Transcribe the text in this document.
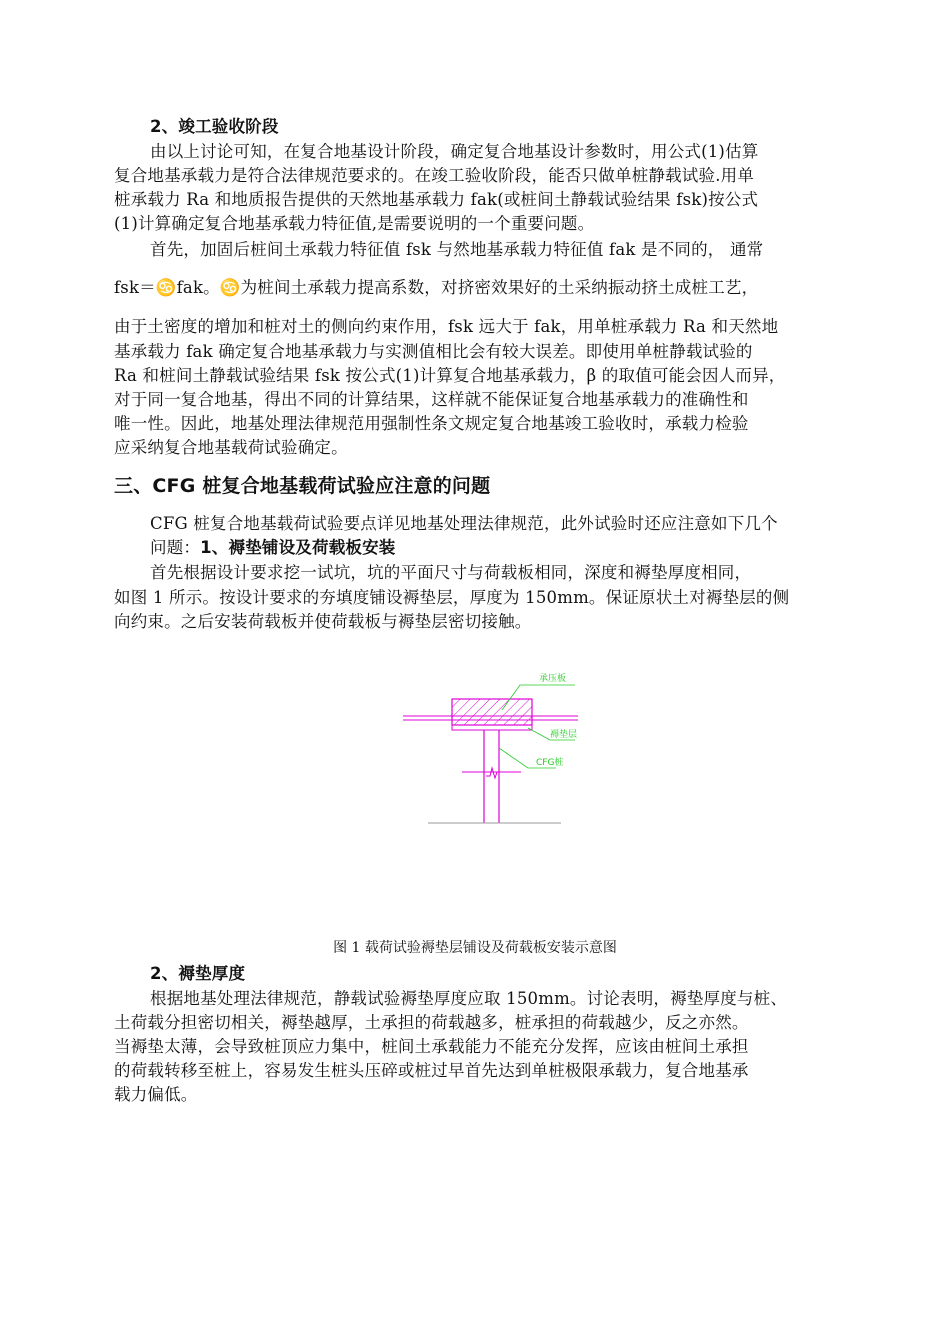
2、竣工验收阶段
由以上讨论可知，在复合地基设计阶段，确定复合地基设计参数时，用公式(1)估算
复合地基承载力是符合法律规范要求的。在竣工验收阶段，能否只做单桩静载试验.用单
桩承载力 Ra 和地质报告提供的天然地基承载力 fak(或桩间土静载试验结果 fsk)按公式
(1)计算确定复合地基承载力特征值,是需要说明的一个重要问题。
首先，加固后桩间土承载力特征值 fsk 与然地基承载力特征值 fak 是不同的， 通常
fsk＝♋fak。♋为桩间土承载力提高系数，对挤密效果好的土采纳振动挤土成桩工艺，
由于土密度的增加和桩对土的侧向约束作用，fsk 远大于 fak，用单桩承载力 Ra 和天然地
基承载力 fak 确定复合地基承载力与实测值相比会有较大误差。即使用单桩静载试验的
Ra 和桩间土静载试验结果 fsk 按公式(1)计算复合地基承载力，β 的取值可能会因人而异，
对于同一复合地基，得出不同的计算结果，这样就不能保证复合地基承载力的准确性和
唯一性。因此，地基处理法律规范用强制性条文规定复合地基竣工验收时，承载力检验
应采纳复合地基载荷试验确定。
三、CFG 桩复合地基载荷试验应注意的问题
CFG 桩复合地基载荷试验要点详见地基处理法律规范，此外试验时还应注意如下几个
问题：1、褥垫铺设及荷载板安装
首先根据设计要求挖一试坑，坑的平面尺寸与荷载板相同，深度和褥垫厚度相同，
如图 1 所示。按设计要求的夯填度铺设褥垫层，厚度为 150mm。保证原状土对褥垫层的侧
向约束。之后安装荷载板并使荷载板与褥垫层密切接触。
承压板
褥垫层
CFG桩
图 1 载荷试验褥垫层铺设及荷载板安装示意图
2、褥垫厚度
根据地基处理法律规范，静载试验褥垫厚度应取 150mm。讨论表明，褥垫厚度与桩、
土荷载分担密切相关，褥垫越厚，土承担的荷载越多，桩承担的荷载越少，反之亦然。
当褥垫太薄，会导致桩顶应力集中，桩间土承载能力不能充分发挥，应该由桩间土承担
的荷载转移至桩上，容易发生桩头压碎或桩过早首先达到单桩极限承载力，复合地基承
载力偏低。
